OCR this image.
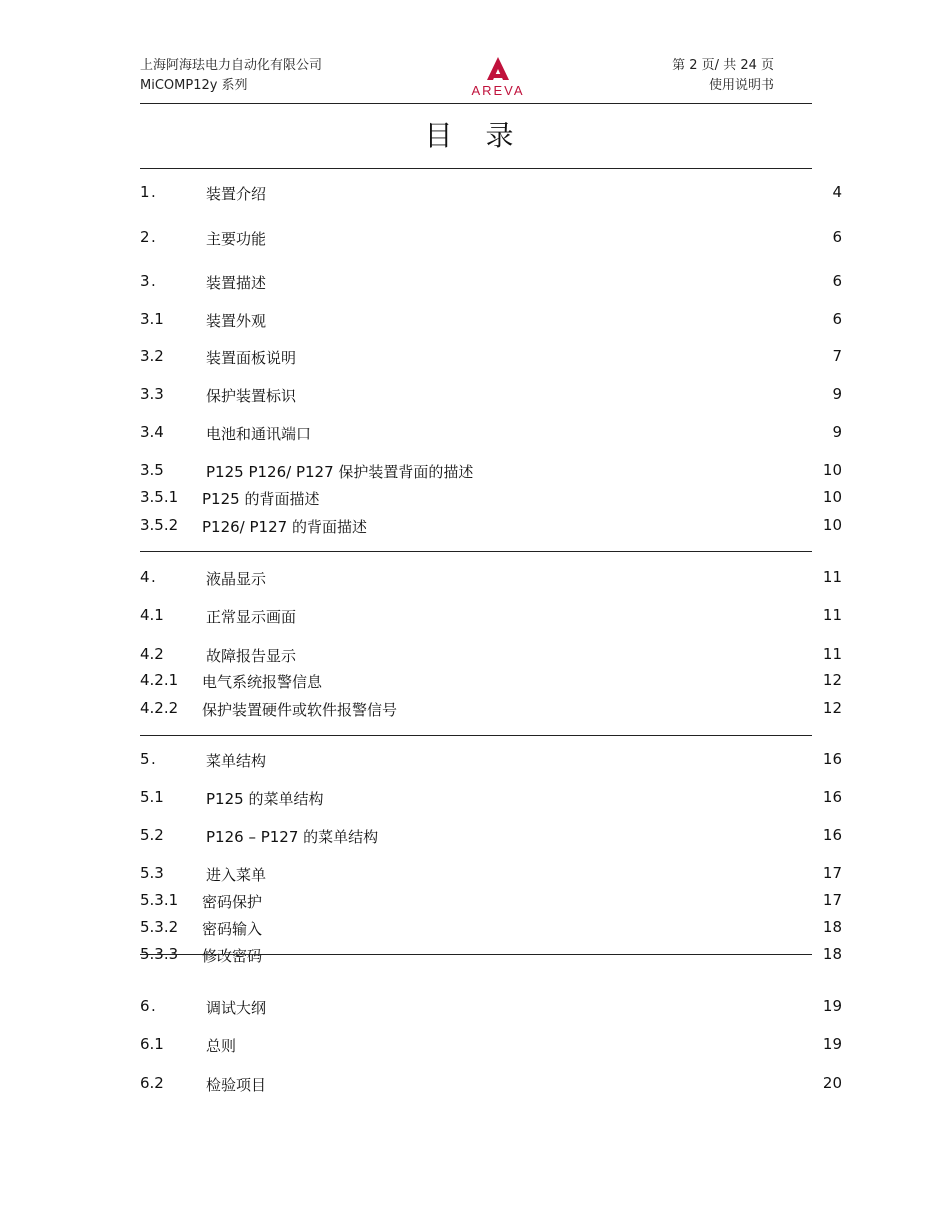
上海阿海珐电力自动化有限公司
MiCOMP12y 系列	AREVA
第 2 页/ 共 24 页
使用说明书
目 录
1.	装置介绍	4
2.	主要功能	6
3.	装置描述	6
3.1	装置外观	6
3.2	装置面板说明	7
3.3	保护装置标识	9
3.4	电池和通讯端口	9
3.5	P125 P126/ P127 保护装置背面的描述	10
3.5.1 P125 的背面描述	10
3.5.2 P126/ P127 的背面描述	10
4.	液晶显示	11
4.1	正常显示画面	11
4.2	故障报告显示	11
4.2.1 电气系统报警信息	12
4.2.2 保护装置硬件或软件报警信号	12
5.	菜单结构	16
5.1	P125 的菜单结构	16
5.2	P126 – P127 的菜单结构	16
5.3	进入菜单	17
5.3.1 密码保护	17
5.3.2 密码输入	18
5.3.3 修改密码	18
6.	调试大纲	19
6.1	总则	19
6.2	检验项目	20
